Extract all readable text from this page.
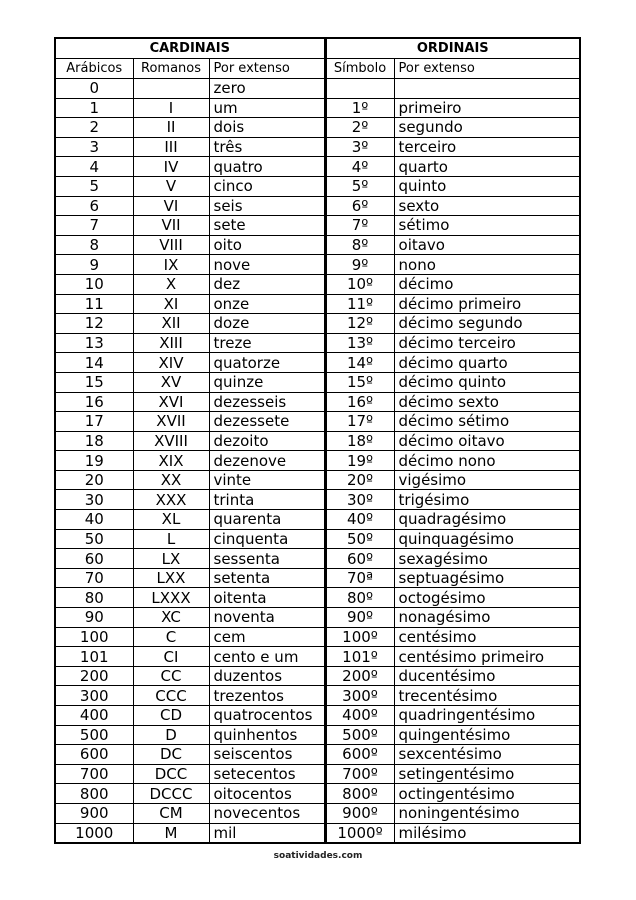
CARDINAIS			ORDINAIS	
Arábicos	Romanos	Por extenso	Símbolo	Por extenso
0		zero		
1	I	um	1º	primeiro
2	II	dois	2º	segundo
3	III	três	3º	terceiro
4	IV	quatro	4º	quarto
5	V	cinco	5º	quinto
6	VI	seis	6º	sexto
7	VII	sete	7º	sétimo
8	VIII	oito	8º	oitavo
9	IX	nove	9º	nono
10	X	dez	10º	décimo
11	XI	onze	11º	décimo primeiro
12	XII	doze	12º	décimo segundo
13	XIII	treze	13º	décimo terceiro
14	XIV	quatorze	14º	décimo quarto
15	XV	quinze	15º	décimo quinto
16	XVI	dezesseis	16º	décimo sexto
17	XVII	dezessete	17º	décimo sétimo
18	XVIII	dezoito	18º	décimo oitavo
19	XIX	dezenove	19º	décimo nono
20	XX	vinte	20º	vigésimo
30	XXX	trinta	30º	trigésimo
40	XL	quarenta	40º	quadragésimo
50	L	cinquenta	50º	quinquagésimo
60	LX	sessenta	60º	sexagésimo
70	LXX	setenta	70ª	septuagésimo
80	LXXX	oitenta	80º	octogésimo
90	XC	noventa	90º	nonagésimo
100	C	cem	100º	centésimo
101	CI	cento e um	101º	centésimo primeiro
200	CC	duzentos	200º	ducentésimo
300	CCC	trezentos	300º	trecentésimo
400	CD	quatrocentos	400º	quadringentésimo
500	D	quinhentos	500º	quingentésimo
600	DC	seiscentos	600º	sexcentésimo
700	DCC	setecentos	700º	setingentésimo
800	DCCC	oitocentos	800º	octingentésimo
900	CM	novecentos	900º	noningentésimo
1000	M	mil	1000º	milésimo
soatividades.com
